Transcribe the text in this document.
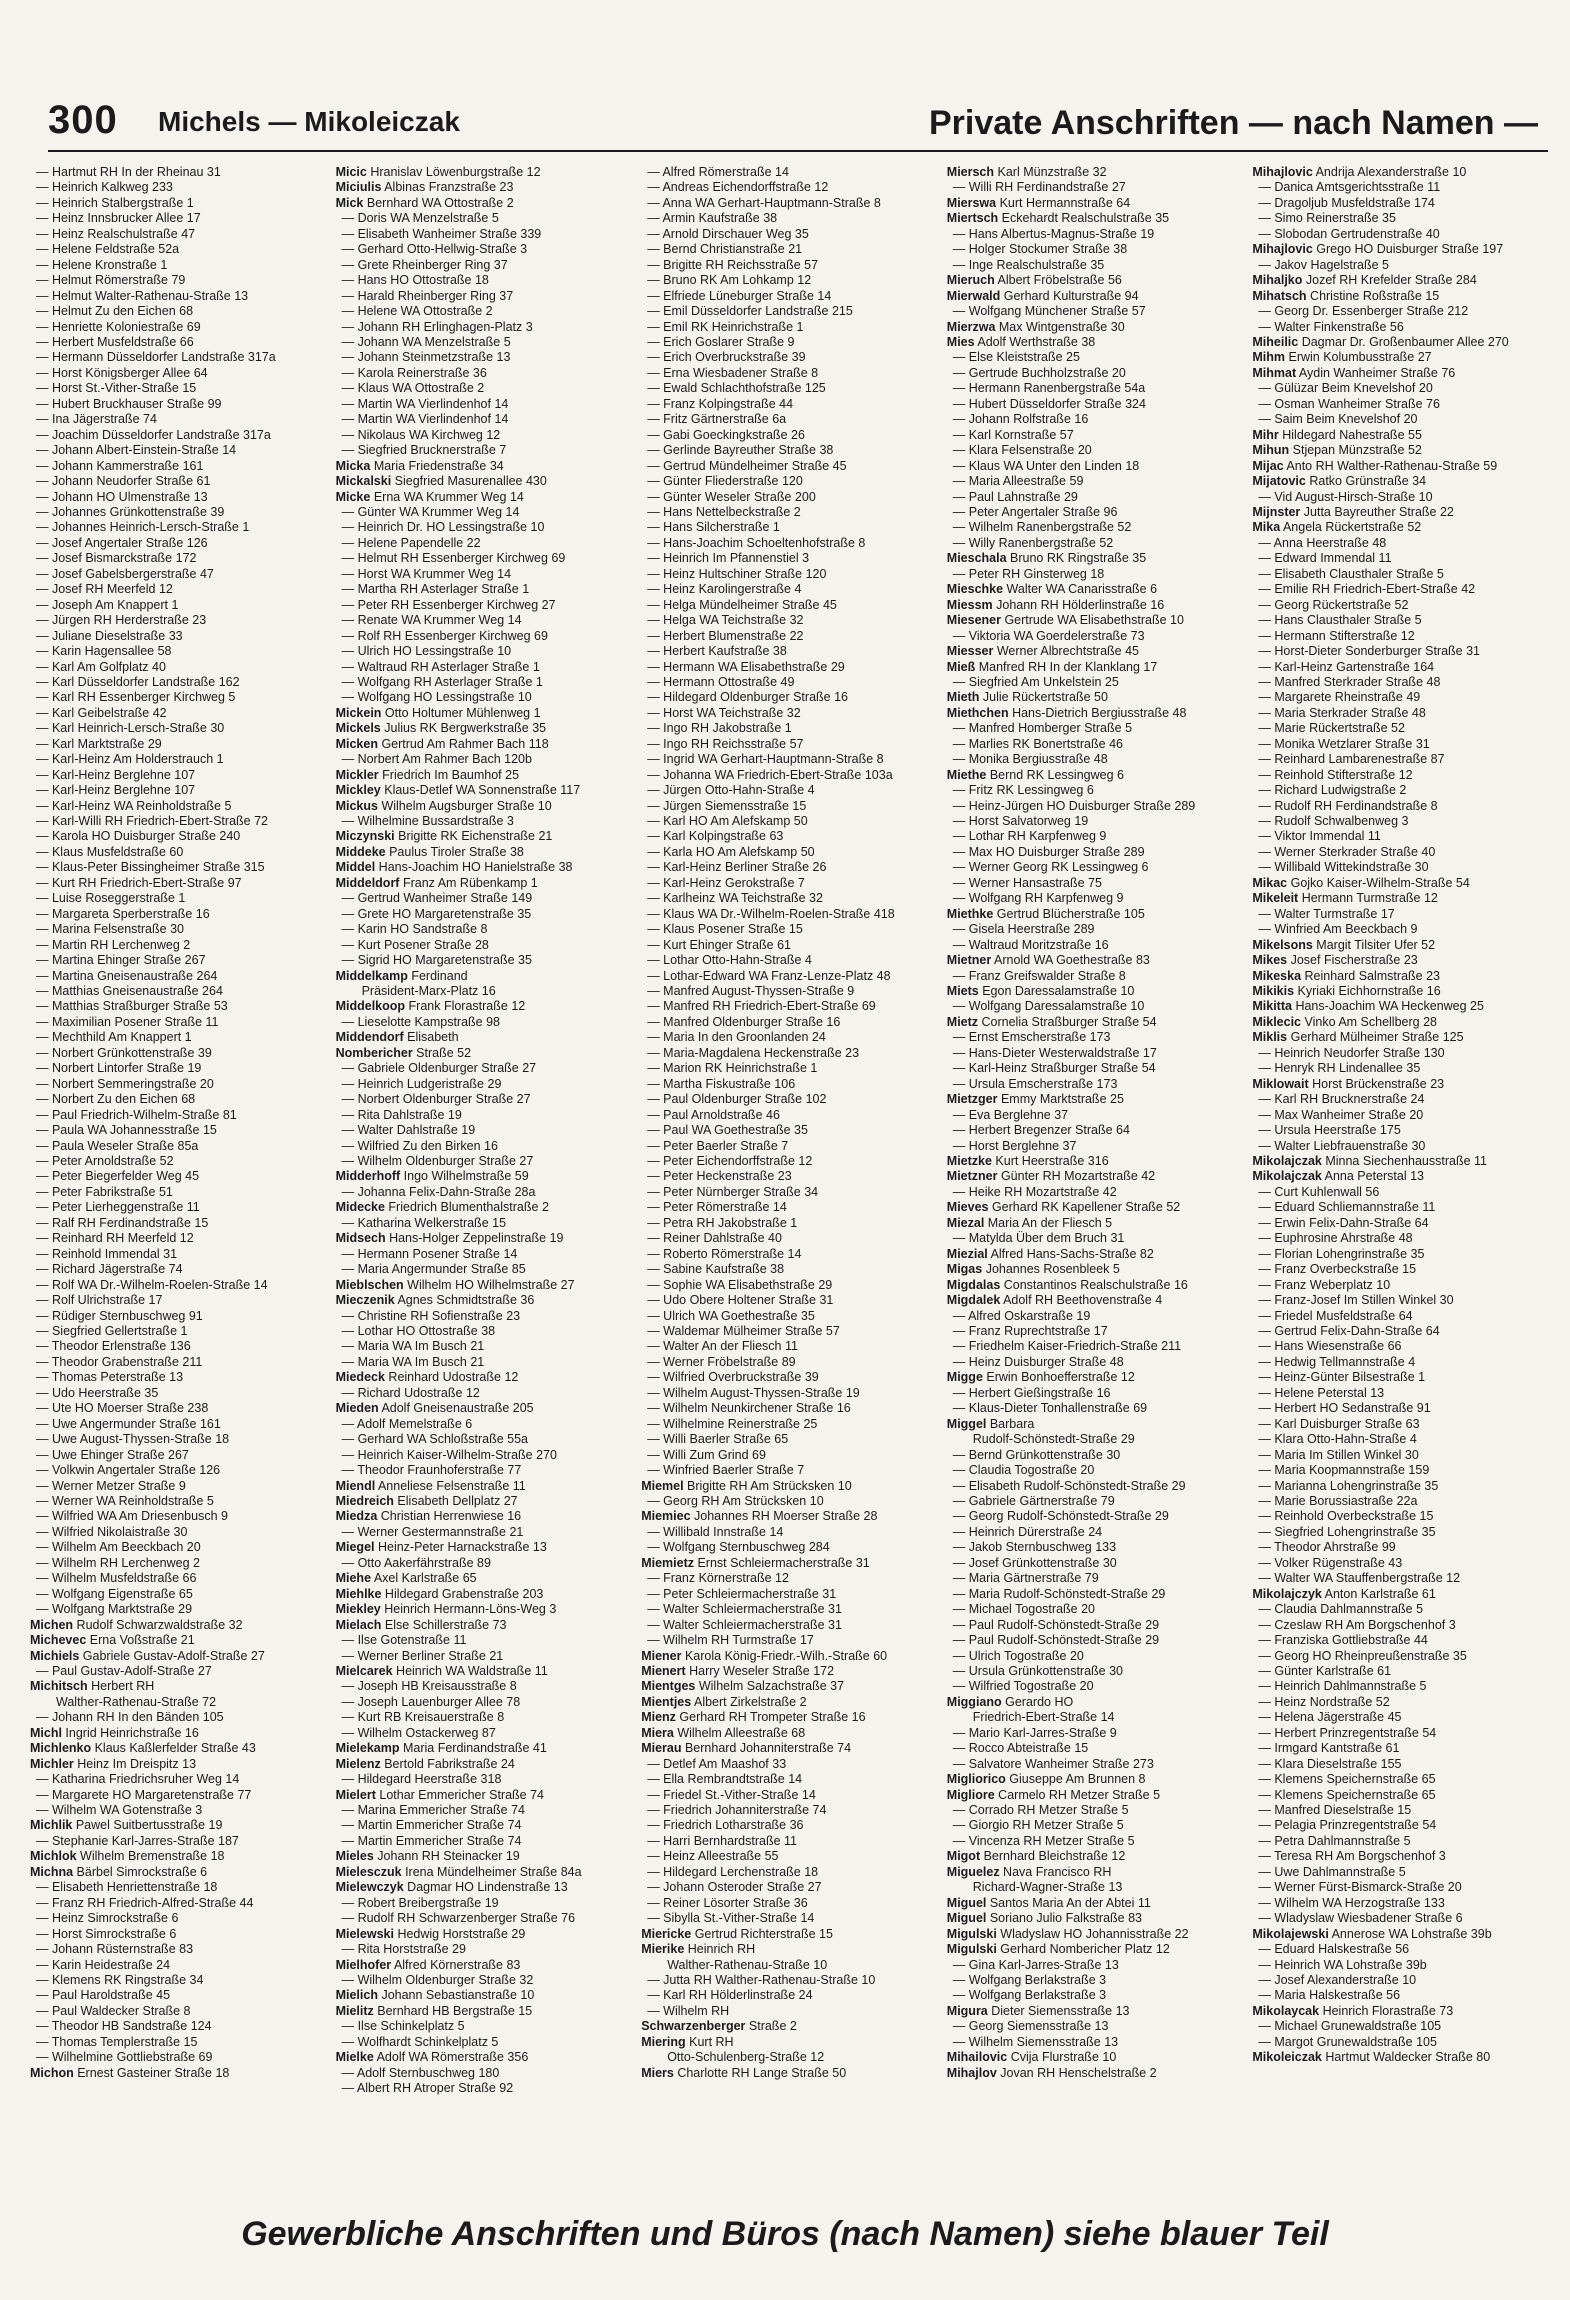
300 Michels — Mikoleiczak	Private Anschriften — nach Namen —
— Hartmut RH In der Rheinau 31
— Heinrich Kalkweg 233
— Heinrich Stalbergstraße 1
— Heinz Innsbrucker Allee 17
— Heinz Realschulstraße 47
— Helene Feldstraße 52a
— Helene Kronstraße 1
— Helmut Römerstraße 79
— Helmut Walter-Rathenau-Straße 13
— Helmut Zu den Eichen 68
— Henriette Koloniestraße 69
— Herbert Musfeldstraße 66
— Hermann Düsseldorfer Landstraße 317a
— Horst Königsberger Allee 64
— Horst St.-Vither-Straße 15
— Hubert Bruckhauser Straße 99
— Ina Jägerstraße 74
— Joachim Düsseldorfer Landstraße 317a
— Johann Albert-Einstein-Straße 14
— Johann Kammerstraße 161
— Johann Neudorfer Straße 61
— Johann HO Ulmenstraße 13
— Johannes Grünkottenstraße 39
— Johannes Heinrich-Lersch-Straße 1
— Josef Angertaler Straße 126
— Josef Bismarckstraße 172
— Josef Gabelsbergerstraße 47
— Josef RH Meerfeld 12
— Joseph Am Knappert 1
— Jürgen RH Herderstraße 23
— Juliane Dieselstraße 33
— Karin Hagensallee 58
— Karl Am Golfplatz 40
— Karl Düsseldorfer Landstraße 162
— Karl RH Essenberger Kirchweg 5
— Karl Geibelstraße 42
— Karl Heinrich-Lersch-Straße 30
— Karl Marktstraße 29
— Karl-Heinz Am Holderstrauch 1
— Karl-Heinz Berglehne 107
— Karl-Heinz Berglehne 107
— Karl-Heinz WA Reinholdstraße 5
— Karl-Willi RH Friedrich-Ebert-Straße 72
— Karola HO Duisburger Straße 240
— Klaus Musfeldstraße 60
— Klaus-Peter Bissingheimer Straße 315
— Kurt RH Friedrich-Ebert-Straße 97
— Luise Roseggerstraße 1
— Margareta Sperberstraße 16
— Marina Felsenstraße 30
— Martin RH Lerchenweg 2
— Martina Ehinger Straße 267
— Martina Gneisenaustraße 264
— Matthias Gneisenaustraße 264
— Matthias Straßburger Straße 53
— Maximilian Posener Straße 11
— Mechthild Am Knappert 1
— Norbert Grünkottenstraße 39
— Norbert Lintorfer Straße 19
— Norbert Semmeringstraße 20
— Norbert Zu den Eichen 68
— Paul Friedrich-Wilhelm-Straße 81
— Paula WA Johannesstraße 15
— Paula Weseler Straße 85a
— Peter Arnoldstraße 52
— Peter Biegerfelder Weg 45
— Peter Fabrikstraße 51
— Peter Lierheggenstraße 11
— Ralf RH Ferdinandstraße 15
— Reinhard RH Meerfeld 12
— Reinhold Immendal 31
— Richard Jägerstraße 74
— Rolf WA Dr.-Wilhelm-Roelen-Straße 14
— Rolf Ulrichstraße 17
— Rüdiger Sternbuschweg 91
— Siegfried Gellertstraße 1
— Theodor Erlenstraße 136
— Theodor Grabenstraße 211
— Thomas Peterstraße 13
— Udo Heerstraße 35
— Ute HO Moerser Straße 238
— Uwe Angermunder Straße 161
— Uwe August-Thyssen-Straße 18
— Uwe Ehinger Straße 267
— Volkwin Angertaler Straße 126
— Werner Metzer Straße 9
— Werner WA Reinholdstraße 5
— Wilfried WA Am Driesenbusch 9
— Wilfried Nikolaistraße 30
— Wilhelm Am Beeckbach 20
— Wilhelm RH Lerchenweg 2
— Wilhelm Musfeldstraße 66
— Wolfgang Eigenstraße 65
— Wolfgang Marktstraße 29
Michen Rudolf Schwarzwaldstraße 32
Michevec Erna Voßstraße 21
Michiels Gabriele Gustav-Adolf-Straße 27
— Paul Gustav-Adolf-Straße 27
Michitsch Herbert RH
Walther-Rathenau-Straße 72
— Johann RH In den Bänden 105
Michl Ingrid Heinrichstraße 16
Michlenko Klaus Kaßlerfelder Straße 43
Michler Heinz Im Dreispitz 13
— Katharina Friedrichsruher Weg 14
— Margarete HO Margaretenstraße 77
— Wilhelm WA Gotenstraße 3
Michlik Pawel Suitbertusstraße 19
— Stephanie Karl-Jarres-Straße 187
Michlok Wilhelm Bremenstraße 18
Michna Bärbel Simrockstraße 6
— Elisabeth Henriettenstraße 18
— Franz RH Friedrich-Alfred-Straße 44
— Heinz Simrockstraße 6
— Horst Simrockstraße 6
— Johann Rüsternstraße 83
— Karin Heidestraße 24
— Klemens RK Ringstraße 34
— Paul Haroldstraße 45
— Paul Waldecker Straße 8
— Theodor HB Sandstraße 124
— Thomas Templerstraße 15
— Wilhelmine Gottliebstraße 69
Michon Ernest Gasteiner Straße 18
Micic Hranislav Löwenburgstraße 12
Miciulis Albinas Franzstraße 23
Mick Bernhard WA Ottostraße 2
— Doris WA Menzelstraße 5
— Elisabeth Wanheimer Straße 339
— Gerhard Otto-Hellwig-Straße 3
— Grete Rheinberger Ring 37
— Hans HO Ottostraße 18
— Harald Rheinberger Ring 37
— Helene WA Ottostraße 2
— Johann RH Erlinghagen-Platz 3
— Johann WA Menzelstraße 5
— Johann Steinmetzstraße 13
— Karola Reinerstraße 36
— Klaus WA Ottostraße 2
— Martin WA Vierlindenhof 14
— Martin WA Vierlindenhof 14
— Nikolaus WA Kirchweg 12
— Siegfried Brucknerstraße 7
Micka Maria Friedenstraße 34
Mickalski Siegfried Masurenallee 430
Micke Erna WA Krummer Weg 14
— Günter WA Krummer Weg 14
— Heinrich Dr. HO Lessingstraße 10
— Helene Papendelle 22
— Helmut RH Essenberger Kirchweg 69
— Horst WA Krummer Weg 14
— Martha RH Asterlager Straße 1
— Peter RH Essenberger Kirchweg 27
— Renate WA Krummer Weg 14
— Rolf RH Essenberger Kirchweg 69
— Ulrich HO Lessingstraße 10
— Waltraud RH Asterlager Straße 1
— Wolfgang RH Asterlager Straße 1
— Wolfgang HO Lessingstraße 10
Mickein Otto Holtumer Mühlenweg 1
Mickels Julius RK Bergwerkstraße 35
Micken Gertrud Am Rahmer Bach 118
— Norbert Am Rahmer Bach 120b
Mickler Friedrich Im Baumhof 25
Mickley Klaus-Detlef WA Sonnenstraße 117
Mickus Wilhelm Augsburger Straße 10
— Wilhelmine Bussardstraße 3
Miczynski Brigitte RK Eichenstraße 21
Middeke Paulus Tiroler Straße 38
Middel Hans-Joachim HO Hanielstraße 38
Middeldorf Franz Am Rübenkamp 1
— Gertrud Wanheimer Straße 149
— Grete HO Margaretenstraße 35
— Karin HO Sandstraße 8
— Kurt Posener Straße 28
— Sigrid HO Margaretenstraße 35
Middelkamp Ferdinand
Präsident-Marx-Platz 16
Middelkoop Frank Florastraße 12
— Lieselotte Kampstraße 98
Middendorf Elisabeth
Nombericher Straße 52
— Gabriele Oldenburger Straße 27
— Heinrich Ludgeristraße 29
— Norbert Oldenburger Straße 27
— Rita Dahlstraße 19
— Walter Dahlstraße 19
— Wilfried Zu den Birken 16
— Wilhelm Oldenburger Straße 27
Midderhoff Ingo Wilhelmstraße 59
— Johanna Felix-Dahn-Straße 28a
Midecke Friedrich Blumenthalstraße 2
— Katharina Welkerstraße 15
Midsech Hans-Holger Zeppelinstraße 19
— Hermann Posener Straße 14
— Maria Angermunder Straße 85
Mieblschen Wilhelm HO Wilhelmstraße 27
Mieczenik Agnes Schmidtstraße 36
— Christine RH Sofienstraße 23
— Lothar HO Ottostraße 38
— Maria WA Im Busch 21
— Maria WA Im Busch 21
Miedeck Reinhard Udostraße 12
— Richard Udostraße 12
Mieden Adolf Gneisenaustraße 205
— Adolf Memelstraße 6
— Gerhard WA Schloßstraße 55a
— Heinrich Kaiser-Wilhelm-Straße 270
— Theodor Fraunhoferstraße 77
Miendl Anneliese Felsenstraße 11
Miedreich Elisabeth Dellplatz 27
Miedza Christian Herrenwiese 16
— Werner Gestermannstraße 21
Miegel Heinz-Peter Harnackstraße 13
— Otto Aakerfährstraße 89
Miehe Axel Karlstraße 65
Miehlke Hildegard Grabenstraße 203
Miekley Heinrich Hermann-Löns-Weg 3
Mielach Else Schillerstraße 73
— Ilse Gotenstraße 11
— Werner Berliner Straße 21
Mielcarek Heinrich WA Waldstraße 11
— Joseph HB Kreisausstraße 8
— Joseph Lauenburger Allee 78
— Kurt RB Kreisauerstraße 8
— Wilhelm Ostackerweg 87
Mielekamp Maria Ferdinandstraße 41
Mielenz Bertold Fabrikstraße 24
— Hildegard Heerstraße 318
Mielert Lothar Emmericher Straße 74
— Marina Emmericher Straße 74
— Martin Emmericher Straße 74
— Martin Emmericher Straße 74
Mieles Johann RH Steinacker 19
Mielesczuk Irena Mündelheimer Straße 84a
Mielewczyk Dagmar HO Lindenstraße 13
— Robert Breibergstraße 19
— Rudolf RH Schwarzenberger Straße 76
Mielewski Hedwig Horststraße 29
— Rita Horststraße 29
Mielhofer Alfred Körnerstraße 83
— Wilhelm Oldenburger Straße 32
Mielich Johann Sebastianstraße 10
Mielitz Bernhard HB Bergstraße 15
— Ilse Schinkelplatz 5
— Wolfhardt Schinkelplatz 5
Mielke Adolf WA Römerstraße 356
— Adolf Sternbuschweg 180
— Albert RH Atroper Straße 92
— Alfred Römerstraße 14
— Andreas Eichendorffstraße 12
— Anna WA Gerhart-Hauptmann-Straße 8
— Armin Kaufstraße 38
— Arnold Dirschauer Weg 35
— Bernd Christianstraße 21
— Brigitte RH Reichsstraße 57
— Bruno RK Am Lohkamp 12
— Elfriede Lüneburger Straße 14
— Emil Düsseldorfer Landstraße 215
— Emil RK Heinrichstraße 1
— Erich Goslarer Straße 9
— Erich Overbruckstraße 39
— Erna Wiesbadener Straße 8
— Ewald Schlachthofstraße 125
— Franz Kolpingstraße 44
— Fritz Gärtnerstraße 6a
— Gabi Goeckingkstraße 26
— Gerlinde Bayreuther Straße 38
— Gertrud Mündelheimer Straße 45
— Günter Fliederstraße 120
— Günter Weseler Straße 200
— Hans Nettelbeckstraße 2
— Hans Silcherstraße 1
— Hans-Joachim Schoeltenhofstraße 8
— Heinrich Im Pfannenstiel 3
— Heinz Hultschiner Straße 120
— Heinz Karolingerstraße 4
— Helga Mündelheimer Straße 45
— Helga WA Teichstraße 32
— Herbert Blumenstraße 22
— Herbert Kaufstraße 38
— Hermann WA Elisabethstraße 29
— Hermann Ottostraße 49
— Hildegard Oldenburger Straße 16
— Horst WA Teichstraße 32
— Ingo RH Jakobstraße 1
— Ingo RH Reichsstraße 57
— Ingrid WA Gerhart-Hauptmann-Straße 8
— Johanna WA Friedrich-Ebert-Straße 103a
— Jürgen Otto-Hahn-Straße 4
— Jürgen Siemensstraße 15
— Karl HO Am Alefskamp 50
— Karl Kolpingstraße 63
— Karla HO Am Alefskamp 50
— Karl-Heinz Berliner Straße 26
— Karl-Heinz Gerokstraße 7
— Karlheinz WA Teichstraße 32
— Klaus WA Dr.-Wilhelm-Roelen-Straße 418
— Klaus Posener Straße 15
— Kurt Ehinger Straße 61
— Lothar Otto-Hahn-Straße 4
— Lothar-Edward WA Franz-Lenze-Platz 48
— Manfred August-Thyssen-Straße 9
— Manfred RH Friedrich-Ebert-Straße 69
— Manfred Oldenburger Straße 16
— Maria In den Groonlanden 24
— Maria-Magdalena Heckenstraße 23
— Marion RK Heinrichstraße 1
— Martha Fiskustraße 106
— Paul Oldenburger Straße 102
— Paul Arnoldstraße 46
— Paul WA Goethestraße 35
— Peter Baerler Straße 7
— Peter Eichendorffstraße 12
— Peter Heckenstraße 23
— Peter Nürnberger Straße 34
— Peter Römerstraße 14
— Petra RH Jakobstraße 1
— Reiner Dahlstraße 40
— Roberto Römerstraße 14
— Sabine Kaufstraße 38
— Sophie WA Elisabethstraße 29
— Udo Obere Holtener Straße 31
— Ulrich WA Goethestraße 35
— Waldemar Mülheimer Straße 57
— Walter An der Fliesch 11
— Werner Fröbelstraße 89
— Wilfried Overbruckstraße 39
— Wilhelm August-Thyssen-Straße 19
— Wilhelm Neunkirchener Straße 16
— Wilhelmine Reinerstraße 25
— Willi Baerler Straße 65
— Willi Zum Grind 69
— Winfried Baerler Straße 7
Miemel Brigitte RH Am Strücksken 10
— Georg RH Am Strücksken 10
Miemiec Johannes RH Moerser Straße 28
— Willibald Innstraße 14
— Wolfgang Sternbuschweg 284
Miemietz Ernst Schleiermacherstraße 31
— Franz Körnerstraße 12
— Peter Schleiermacherstraße 31
— Walter Schleiermacherstraße 31
— Walter Schleiermacherstraße 31
— Wilhelm RH Turmstraße 17
Miener Karola König-Friedr.-Wilh.-Straße 60
Mienert Harry Weseler Straße 172
Mientges Wilhelm Salzachstraße 37
Mientjes Albert Zirkelstraße 2
Mienz Gerhard RH Trompeter Straße 16
Miera Wilhelm Alleestraße 68
Mierau Bernhard Johanniterstraße 74
— Detlef Am Maashof 33
— Ella Rembrandtstraße 14
— Friedel St.-Vither-Straße 14
— Friedrich Johanniterstraße 74
— Friedrich Lotharstraße 36
— Harri Bernhardstraße 11
— Heinz Alleestraße 55
— Hildegard Lerchenstraße 18
— Johann Osteroder Straße 27
— Reiner Lösorter Straße 36
— Sibylla St.-Vither-Straße 14
Miericke Gertrud Richterstraße 15
Mierike Heinrich RH
Walther-Rathenau-Straße 10
— Jutta RH Walther-Rathenau-Straße 10
— Karl RH Hölderlinstraße 24
— Wilhelm RH
Schwarzenberger Straße 2
Miering Kurt RH
Otto-Schulenberg-Straße 12
Miers Charlotte RH Lange Straße 50
Miersch Karl Münzstraße 32
— Willi RH Ferdinandstraße 27
Mierswa Kurt Hermannstraße 64
Miertsch Eckehardt Realschulstraße 35
— Hans Albertus-Magnus-Straße 19
— Holger Stockumer Straße 38
— Inge Realschulstraße 35
Mieruch Albert Fröbelstraße 56
Mierwald Gerhard Kulturstraße 94
— Wolfgang Münchener Straße 57
Mierzwa Max Wintgenstraße 30
Mies Adolf Werthstraße 38
— Else Kleiststraße 25
— Gertrude Buchholzstraße 20
— Hermann Ranenbergstraße 54a
— Hubert Düsseldorfer Straße 324
— Johann Rolfstraße 16
— Karl Kornstraße 57
— Klara Felsenstraße 20
— Klaus WA Unter den Linden 18
— Maria Alleestraße 59
— Paul Lahnstraße 29
— Peter Angertaler Straße 96
— Wilhelm Ranenbergstraße 52
— Willy Ranenbergstraße 52
Mieschala Bruno RK Ringstraße 35
— Peter RH Ginsterweg 18
Mieschke Walter WA Canarisstraße 6
Miessm Johann RH Hölderlinstraße 16
Miesener Gertrude WA Elisabethstraße 10
— Viktoria WA Goerdelerstraße 73
Miesser Werner Albrechtstraße 45
Mieß Manfred RH In der Klanklang 17
— Siegfried Am Unkelstein 25
Mieth Julie Rückertstraße 50
Miethchen Hans-Dietrich Bergiusstraße 48
— Manfred Homberger Straße 5
— Marlies RK Bonertstraße 46
— Monika Bergiusstraße 48
Miethe Bernd RK Lessingweg 6
— Fritz RK Lessingweg 6
— Heinz-Jürgen HO Duisburger Straße 289
— Horst Salvatorweg 19
— Lothar RH Karpfenweg 9
— Max HO Duisburger Straße 289
— Werner Georg RK Lessingweg 6
— Werner Hansastraße 75
— Wolfgang RH Karpfenweg 9
Miethke Gertrud Blücherstraße 105
— Gisela Heerstraße 289
— Waltraud Moritzstraße 16
Mietner Arnold WA Goethestraße 83
— Franz Greifswalder Straße 8
Miets Egon Daressalamstraße 10
— Wolfgang Daressalamstraße 10
Mietz Cornelia Straßburger Straße 54
— Ernst Emscherstraße 173
— Hans-Dieter Westerwaldstraße 17
— Karl-Heinz Straßburger Straße 54
— Ursula Emscherstraße 173
Mietzger Emmy Marktstraße 25
— Eva Berglehne 37
— Herbert Bregenzer Straße 64
— Horst Berglehne 37
Mietzke Kurt Heerstraße 316
Mietzner Günter RH Mozartstraße 42
— Heike RH Mozartstraße 42
Mieves Gerhard RK Kapellener Straße 52
Miezal Maria An der Fliesch 5
— Matylda Über dem Bruch 31
Miezial Alfred Hans-Sachs-Straße 82
Migas Johannes Rosenbleek 5
Migdalas Constantinos Realschulstraße 16
Migdalek Adolf RH Beethovenstraße 4
— Alfred Oskarstraße 19
— Franz Ruprechtstraße 17
— Friedhelm Kaiser-Friedrich-Straße 211
— Heinz Duisburger Straße 48
Migge Erwin Bonhoefferstraße 12
— Herbert Gießingstraße 16
— Klaus-Dieter Tonhallenstraße 69
Miggel Barbara
Rudolf-Schönstedt-Straße 29
— Bernd Grünkottenstraße 30
— Claudia Togostraße 20
— Elisabeth Rudolf-Schönstedt-Straße 29
— Gabriele Gärtnerstraße 79
— Georg Rudolf-Schönstedt-Straße 29
— Heinrich Dürerstraße 24
— Jakob Sternbuschweg 133
— Josef Grünkottenstraße 30
— Maria Gärtnerstraße 79
— Maria Rudolf-Schönstedt-Straße 29
— Michael Togostraße 20
— Paul Rudolf-Schönstedt-Straße 29
— Paul Rudolf-Schönstedt-Straße 29
— Ulrich Togostraße 20
— Ursula Grünkottenstraße 30
— Wilfried Togostraße 20
Miggiano Gerardo HO
Friedrich-Ebert-Straße 14
— Mario Karl-Jarres-Straße 9
— Rocco Abteistraße 15
— Salvatore Wanheimer Straße 273
Migliorico Giuseppe Am Brunnen 8
Migliore Carmelo RH Metzer Straße 5
— Corrado RH Metzer Straße 5
— Giorgio RH Metzer Straße 5
— Vincenza RH Metzer Straße 5
Migot Bernhard Bleichstraße 12
Miguelez Nava Francisco RH
Richard-Wagner-Straße 13
Miguel Santos Maria An der Abtei 11
Miguel Soriano Julio Falkstraße 83
Migulski Wladyslaw HO Johannisstraße 22
Migulski Gerhard Nombericher Platz 12
— Gina Karl-Jarres-Straße 13
— Wolfgang Berlakstraße 3
— Wolfgang Berlakstraße 3
Migura Dieter Siemensstraße 13
— Georg Siemensstraße 13
— Wilhelm Siemensstraße 13
Mihailovic Cvija Flurstraße 10
Mihajlov Jovan RH Henschelstraße 2
Mihajlovic Andrija Alexanderstraße 10
— Danica Amtsgerichtsstraße 11
— Dragoljub Musfeldstraße 174
— Simo Reinerstraße 35
— Slobodan Gertrudenstraße 40
Mihajlovic Grego HO Duisburger Straße 197
— Jakov Hagelstraße 5
Mihaljko Jozef RH Krefelder Straße 284
Mihatsch Christine Roßstraße 15
— Georg Dr. Essenberger Straße 212
— Walter Finkenstraße 56
Miheilic Dagmar Dr. Großenbaumer Allee 270
Mihm Erwin Kolumbusstraße 27
Mihmat Aydin Wanheimer Straße 76
— Gülüzar Beim Knevelshof 20
— Osman Wanheimer Straße 76
— Saim Beim Knevelshof 20
Mihr Hildegard Nahestraße 55
Mihun Stjepan Münzstraße 52
Mijac Anto RH Walther-Rathenau-Straße 59
Mijatovic Ratko Grünstraße 34
— Vid August-Hirsch-Straße 10
Mijnster Jutta Bayreuther Straße 22
Mika Angela Rückertstraße 52
— Anna Heerstraße 48
— Edward Immendal 11
— Elisabeth Clausthaler Straße 5
— Emilie RH Friedrich-Ebert-Straße 42
— Georg Rückertstraße 52
— Hans Clausthaler Straße 5
— Hermann Stifterstraße 12
— Horst-Dieter Sonderburger Straße 31
— Karl-Heinz Gartenstraße 164
— Manfred Sterkrader Straße 48
— Margarete Rheinstraße 49
— Maria Sterkrader Straße 48
— Marie Rückertstraße 52
— Monika Wetzlarer Straße 31
— Reinhard Lambarenestraße 87
— Reinhold Stifterstraße 12
— Richard Ludwigstraße 2
— Rudolf RH Ferdinandstraße 8
— Rudolf Schwalbenweg 3
— Viktor Immendal 11
— Werner Sterkrader Straße 40
— Willibald Wittekindstraße 30
Mikac Gojko Kaiser-Wilhelm-Straße 54
Mikeleit Hermann Turmstraße 12
— Walter Turmstraße 17
— Winfried Am Beeckbach 9
Mikelsons Margit Tilsiter Ufer 52
Mikes Josef Fischerstraße 23
Mikeska Reinhard Salmstraße 23
Mikikis Kyriaki Eichhornstraße 16
Mikitta Hans-Joachim WA Heckenweg 25
Miklecic Vinko Am Schellberg 28
Miklis Gerhard Mülheimer Straße 125
— Heinrich Neudorfer Straße 130
— Henryk RH Lindenallee 35
Miklowait Horst Brückenstraße 23
— Karl RH Brucknerstraße 24
— Max Wanheimer Straße 20
— Ursula Heerstraße 175
— Walter Liebfrauenstraße 30
Mikolajczak Minna Siechenhausstraße 11
Mikolajczak Anna Peterstal 13
— Curt Kuhlenwall 56
— Eduard Schliemannstraße 11
— Erwin Felix-Dahn-Straße 64
— Euphrosine Ahrstraße 48
— Florian Lohengrinstraße 35
— Franz Overbeckstraße 15
— Franz Weberplatz 10
— Franz-Josef Im Stillen Winkel 30
— Friedel Musfeldstraße 64
— Gertrud Felix-Dahn-Straße 64
— Hans Wiesenstraße 66
— Hedwig Tellmannstraße 4
— Heinz-Günter Bilsestraße 1
— Helene Peterstal 13
— Herbert HO Sedanstraße 91
— Karl Duisburger Straße 63
— Klara Otto-Hahn-Straße 4
— Maria Im Stillen Winkel 30
— Maria Koopmannstraße 159
— Marianna Lohengrinstraße 35
— Marie Borussiastraße 22a
— Reinhold Overbeckstraße 15
— Siegfried Lohengrinstraße 35
— Theodor Ahrstraße 99
— Volker Rügenstraße 43
— Walter WA Stauffenbergstraße 12
Mikolajczyk Anton Karlstraße 61
— Claudia Dahlmannstraße 5
— Czeslaw RH Am Borgschenhof 3
— Franziska Gottliebstraße 44
— Georg HO Rheinpreußenstraße 35
— Günter Karlstraße 61
— Heinrich Dahlmannstraße 5
— Heinz Nordstraße 52
— Helena Jägerstraße 45
— Herbert Prinzregentstraße 54
— Irmgard Kantstraße 61
— Klara Dieselstraße 155
— Klemens Speichernstraße 65
— Klemens Speichernstraße 65
— Manfred Dieselstraße 15
— Pelagia Prinzregentstraße 54
— Petra Dahlmannstraße 5
— Teresa RH Am Borgschenhof 3
— Uwe Dahlmannstraße 5
— Werner Fürst-Bismarck-Straße 20
— Wilhelm WA Herzogstraße 133
— Wladyslaw Wiesbadener Straße 6
Mikolajewski Annerose WA Lohstraße 39b
— Eduard Halskestraße 56
— Heinrich WA Lohstraße 39b
— Josef Alexanderstraße 10
— Maria Halskestraße 56
Mikolaycak Heinrich Florastraße 73
— Michael Grunewaldstraße 105
— Margot Grunewaldstraße 105
Mikoleiczak Hartmut Waldecker Straße 80
Gewerbliche Anschriften und Büros (nach Namen) siehe blauer Teil
